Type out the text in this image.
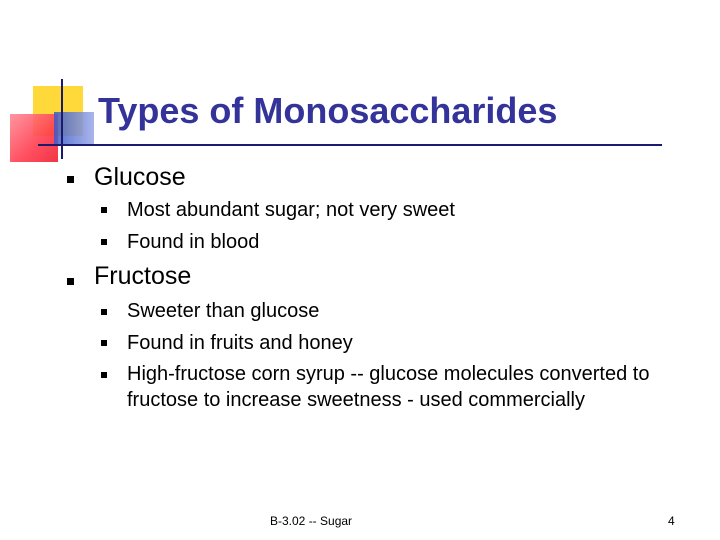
Types of Monosaccharides
Glucose
Most abundant sugar; not very sweet
Found in blood
Fructose
Sweeter than glucose
Found in fruits and honey
High-fructose corn syrup -- glucose molecules converted to fructose to increase sweetness - used commercially
B-3.02 -- Sugar	4
